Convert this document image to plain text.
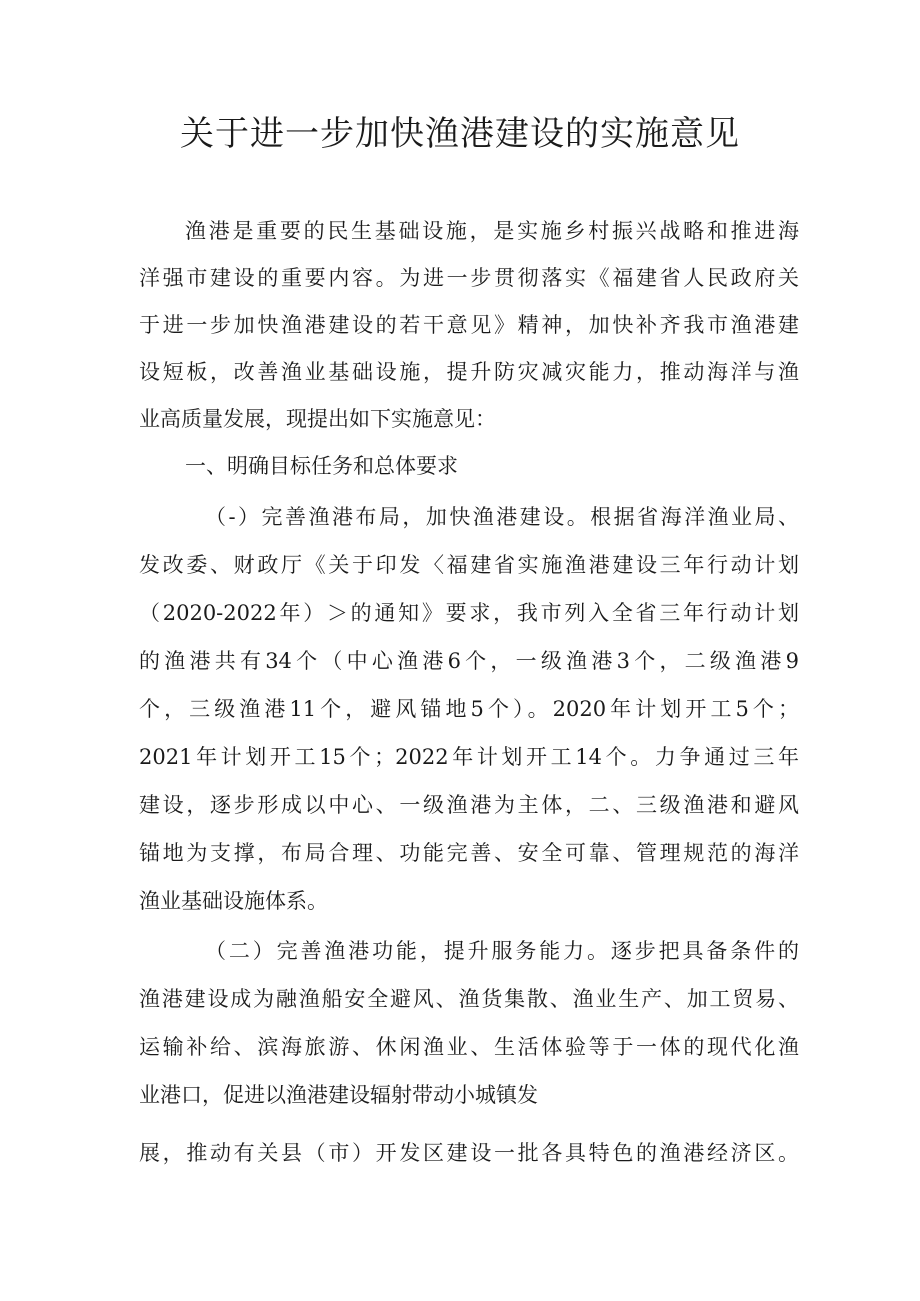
关于进一步加快渔港建设的实施意见

渔港是重要的民生基础设施，是实施乡村振兴战略和推进海

洋强市建设的重要内容。为进一步贯彻落实《福建省人民政府关

于进一步加快渔港建设的若干意见》精神，加快补齐我市渔港建

设短板，改善渔业基础设施，提升防灾减灾能力，推动海洋与渔

业高质量发展，现提出如下实施意见：

一、明确目标任务和总体要求

（-）完善渔港布局，加快渔港建设。根据省海洋渔业局、

发改委、财政厅《关于印发〈福建省实施渔港建设三年行动计划

（2020-2022年）＞的通知》要求，我市列入全省三年行动计划

的渔港共有34个（中心渔港6个，一级渔港3个，二级渔港9

个，三级渔港11个，避风锚地5个）。2020年计划开工5个；

2021年计划开工15个；2022年计划开工14个。力争通过三年

建设，逐步形成以中心、一级渔港为主体，二、三级渔港和避风

锚地为支撑，布局合理、功能完善、安全可靠、管理规范的海洋

渔业基础设施体系。

（二）完善渔港功能，提升服务能力。逐步把具备条件的

渔港建设成为融渔船安全避风、渔货集散、渔业生产、加工贸易、

运输补给、滨海旅游、休闲渔业、生活体验等于一体的现代化渔

业港口，促进以渔港建设辐射带动小城镇发

展，推动有关县（市）开发区建设一批各具特色的渔港经济区。
